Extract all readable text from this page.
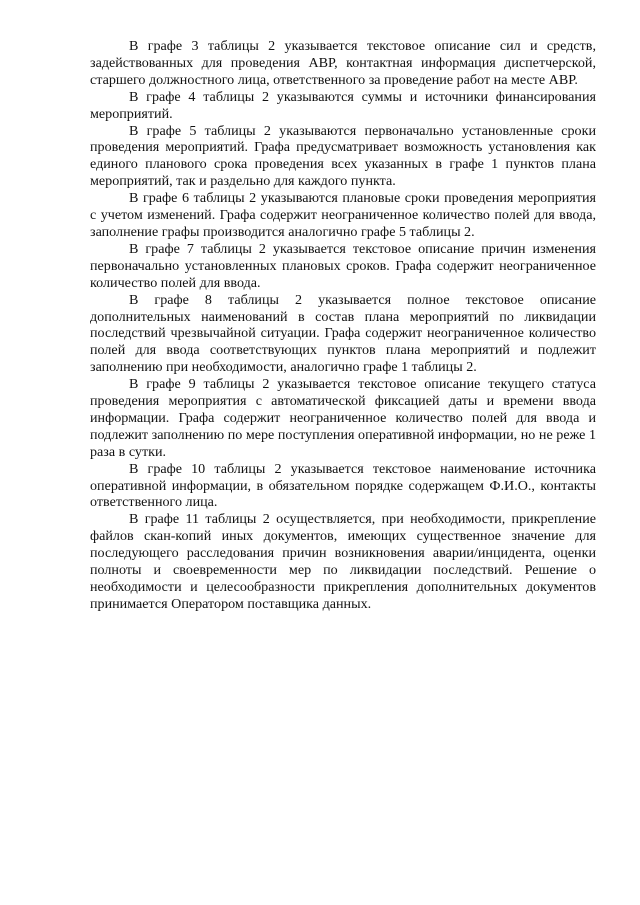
В графе 3 таблицы 2 указывается текстовое описание сил и средств, задействованных для проведения АВР, контактная информация диспетчерской, старшего должностного лица, ответственного за проведение работ на месте АВР.

В графе 4 таблицы 2 указываются суммы и источники финансирования мероприятий.

В графе 5 таблицы 2 указываются первоначально установленные сроки проведения мероприятий. Графа предусматривает возможность установления как единого планового срока проведения всех указанных в графе 1 пунктов плана мероприятий, так и раздельно для каждого пункта.

В графе 6 таблицы 2 указываются плановые сроки проведения мероприятия с учетом изменений. Графа содержит неограниченное количество полей для ввода, заполнение графы производится аналогично графе 5 таблицы 2.

В графе 7 таблицы 2 указывается текстовое описание причин изменения первоначально установленных плановых сроков. Графа содержит неограниченное количество полей для ввода.

В графе 8 таблицы 2 указывается полное текстовое описание дополнительных наименований в состав плана мероприятий по ликвидации последствий чрезвычайной ситуации. Графа содержит неограниченное количество полей для ввода соответствующих пунктов плана мероприятий и подлежит заполнению при необходимости, аналогично графе 1 таблицы 2.

В графе 9 таблицы 2 указывается текстовое описание текущего статуса проведения мероприятия с автоматической фиксацией даты и времени ввода информации. Графа содержит неограниченное количество полей для ввода и подлежит заполнению по мере поступления оперативной информации, но не реже 1 раза в сутки.

В графе 10 таблицы 2 указывается текстовое наименование источника оперативной информации, в обязательном порядке содержащем Ф.И.О., контакты ответственного лица.

В графе 11 таблицы 2 осуществляется, при необходимости, прикрепление файлов скан-копий иных документов, имеющих существенное значение для последующего расследования причин возникновения аварии/инцидента, оценки полноты и своевременности мер по ликвидации последствий. Решение о необходимости и целесообразности прикрепления дополнительных документов принимается Оператором поставщика данных.
